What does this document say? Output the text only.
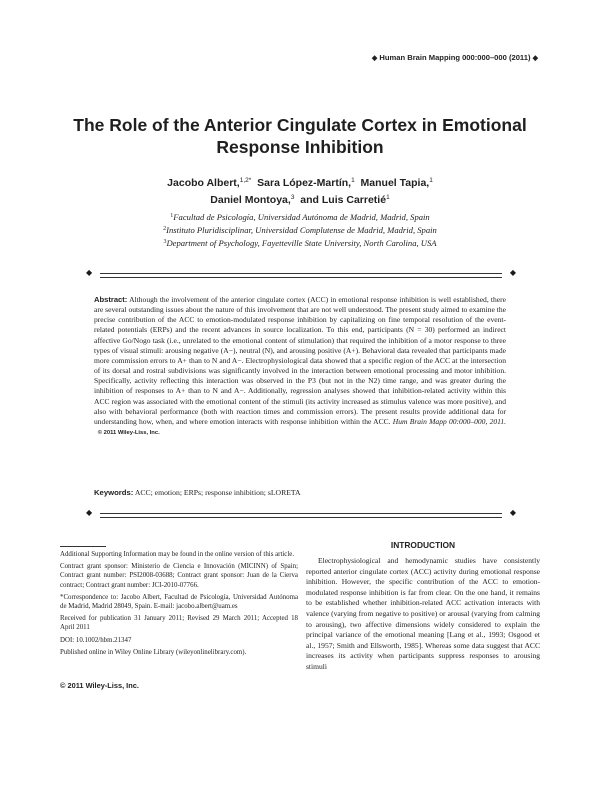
◆ Human Brain Mapping 000:000–000 (2011) ◆
The Role of the Anterior Cingulate Cortex in Emotional Response Inhibition
Jacobo Albert,$^{1,2*}$ Sara López-Martín,$^1$ Manuel Tapia,$^1$
Daniel Montoya,$^3$ and Luis Carretié$^1$
$^1$Facultad de Psicología, Universidad Autónoma de Madrid, Madrid, Spain
$^2$Instituto Pluridisciplinar, Universidad Complutense de Madrid, Madrid, Spain
$^3$Department of Psychology, Fayetteville State University, North Carolina, USA
◆	◆
Abstract: Although the involvement of the anterior cingulate cortex (ACC) in emotional response inhibition is well established, there are several outstanding issues about the nature of this involvement that are not well understood. The present study aimed to examine the precise contribution of the ACC to emotion-modulated response inhibition by capitalizing on fine temporal resolution of the event-related potentials (ERPs) and the recent advances in source localization. To this end, participants (N = 30) performed an indirect affective Go/Nogo task (i.e., unrelated to the emotional content of stimulation) that required the inhibition of a motor response to three types of visual stimuli: arousing negative (A−), neutral (N), and arousing positive (A+). Behavioral data revealed that participants made more commission errors to A+ than to N and A−. Electrophysiological data showed that a specific region of the ACC at the intersection of its dorsal and rostral subdivisions was significantly involved in the interaction between emotional processing and motor inhibition. Specifically, activity reflecting this interaction was observed in the P3 (but not in the N2) time range, and was greater during the inhibition of responses to A+ than to N and A−. Additionally, regression analyses showed that inhibition-related activity within this ACC region was associated with the emotional content of the stimuli (its activity increased as stimulus valence was more positive), and also with behavioral performance (both with reaction times and commission errors). The present results provide additional data for understanding how, when, and where emotion interacts with response inhibition within the ACC. Hum Brain Mapp 00:000–000, 2011.   © 2011 Wiley-Liss, Inc.
Keywords: ACC; emotion; ERPs; response inhibition; sLORETA
◆	◆

Additional Supporting Information may be found in the online version of this article.

Contract grant sponsor: Ministerio de Ciencia e Innovación (MICINN) of Spain; Contract grant number: PSI2008-03688; Contract grant sponsor: Juan de la Cierva contract; Contract grant number: JCI-2010-07766.

*Correspondence to: Jacobo Albert, Facultad de Psicología, Universidad Autónoma de Madrid, Madrid 28049, Spain. E-mail: jacobo.albert@uam.es

Received for publication 31 January 2011; Revised 29 March 2011; Accepted 18 April 2011

DOI: 10.1002/hbm.21347

Published online in Wiley Online Library (wileyonlinelibrary.com).

© 2011 Wiley-Liss, Inc.
INTRODUCTION

Electrophysiological and hemodynamic studies have consistently reported anterior cingulate cortex (ACC) activity during emotional response inhibition. However, the specific contribution of the ACC to emotion-modulated response inhibition is far from clear. On the one hand, it remains to be established whether inhibition-related ACC activation interacts with valence (varying from negative to positive) or arousal (varying from calming to arousing), two affective dimensions widely considered to explain the principal variance of the emotional meaning [Lang et al., 1993; Osgood et al., 1957; Smith and Ellsworth, 1985]. Whereas some data suggest that ACC increases its activity when participants suppress responses to arousing stimuli
